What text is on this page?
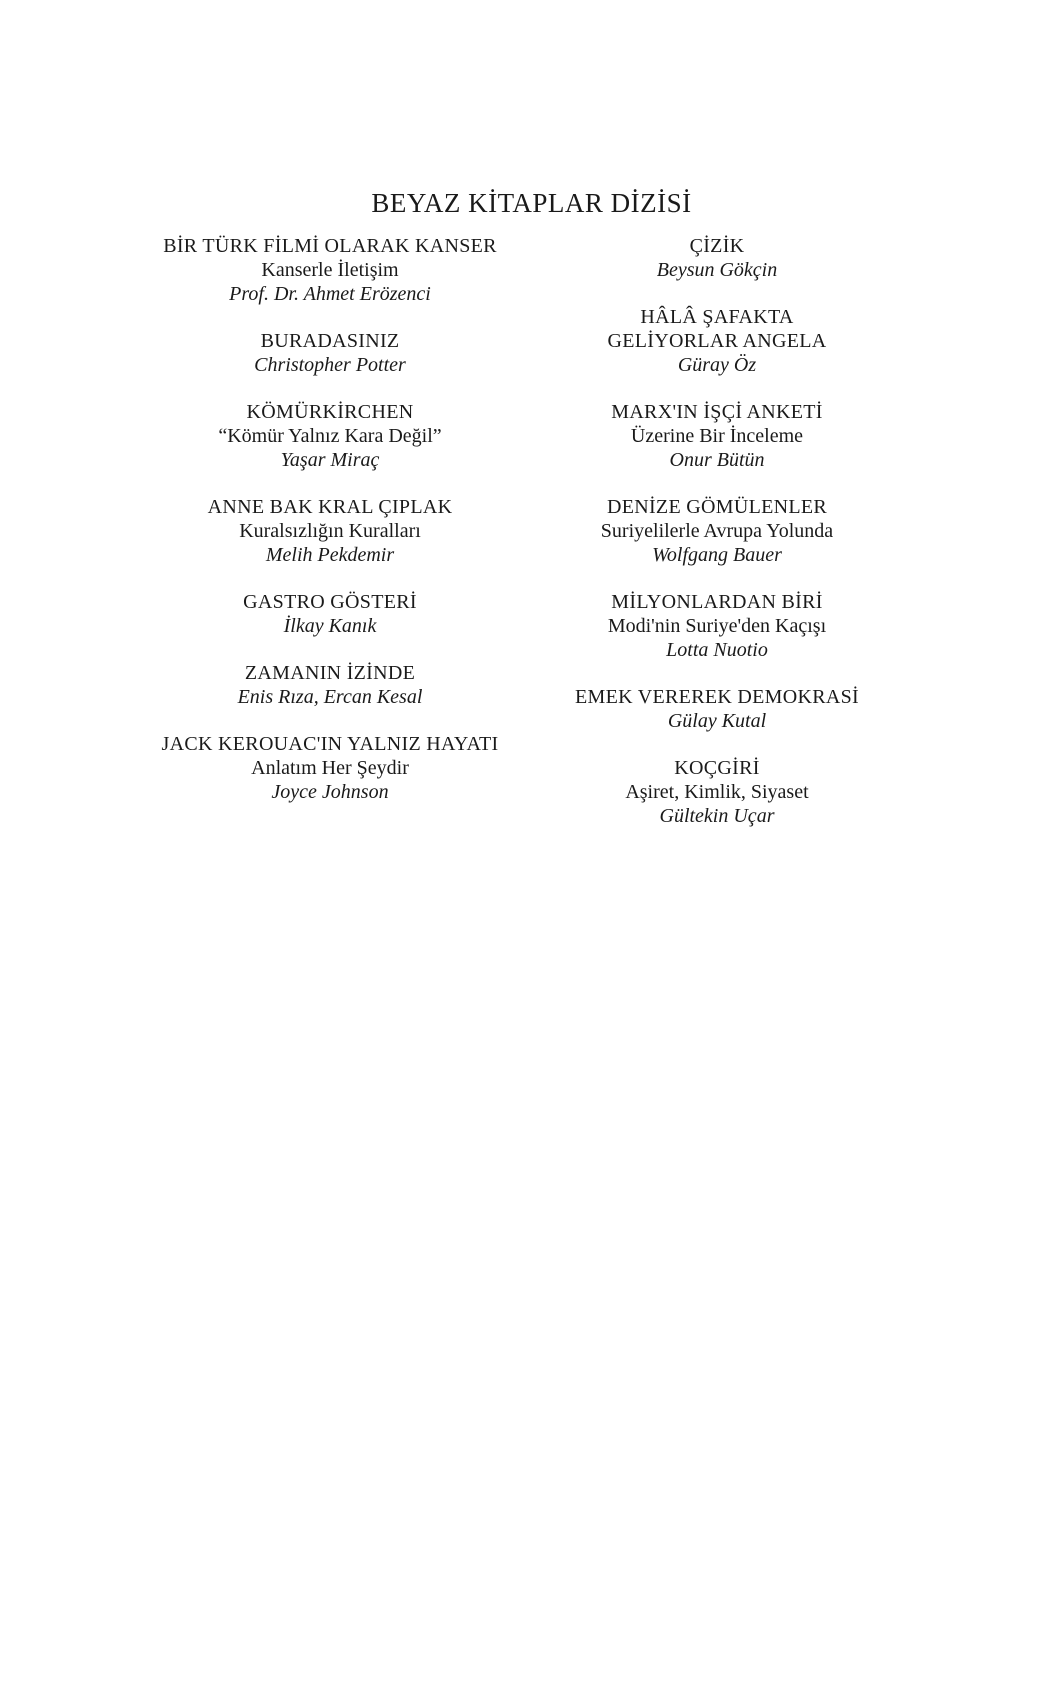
BEYAZ KİTAPLAR DİZİSİ
BİR TÜRK FİLMİ OLARAK KANSER
Kanserle İletişim
Prof. Dr. Ahmet Erözenci
BURADASINIZ
Christopher Potter
KÖMÜRKİRCHEN
“Kömür Yalnız Kara Değil”
Yaşar Miraç
ANNE BAK KRAL ÇIPLAK
Kuralsızlığın Kuralları
Melih Pekdemir
GASTRO GÖSTERİ
İlkay Kanık
ZAMANIN İZİNDE
Enis Rıza, Ercan Kesal
JACK KEROUAC'IN YALNIZ HAYATI
Anlatım Her Şeydir
Joyce Johnson
ÇİZİK
Beysun Gökçin
HÂLÂ ŞAFAKTA
GELİYORLAR ANGELA
Güray Öz
MARX'IN İŞÇİ ANKETİ
Üzerine Bir İnceleme
Onur Bütün
DENİZE GÖMÜLENLER
Suriyelilerle Avrupa Yolunda
Wolfgang Bauer
MİLYONLARDAN BİRİ
Modi'nin Suriye'den Kaçışı
Lotta Nuotio
EMEK VEREREK DEMOKRASİ
Gülay Kutal
KOÇGİRİ
Aşiret, Kimlik, Siyaset
Gültekin Uçar
